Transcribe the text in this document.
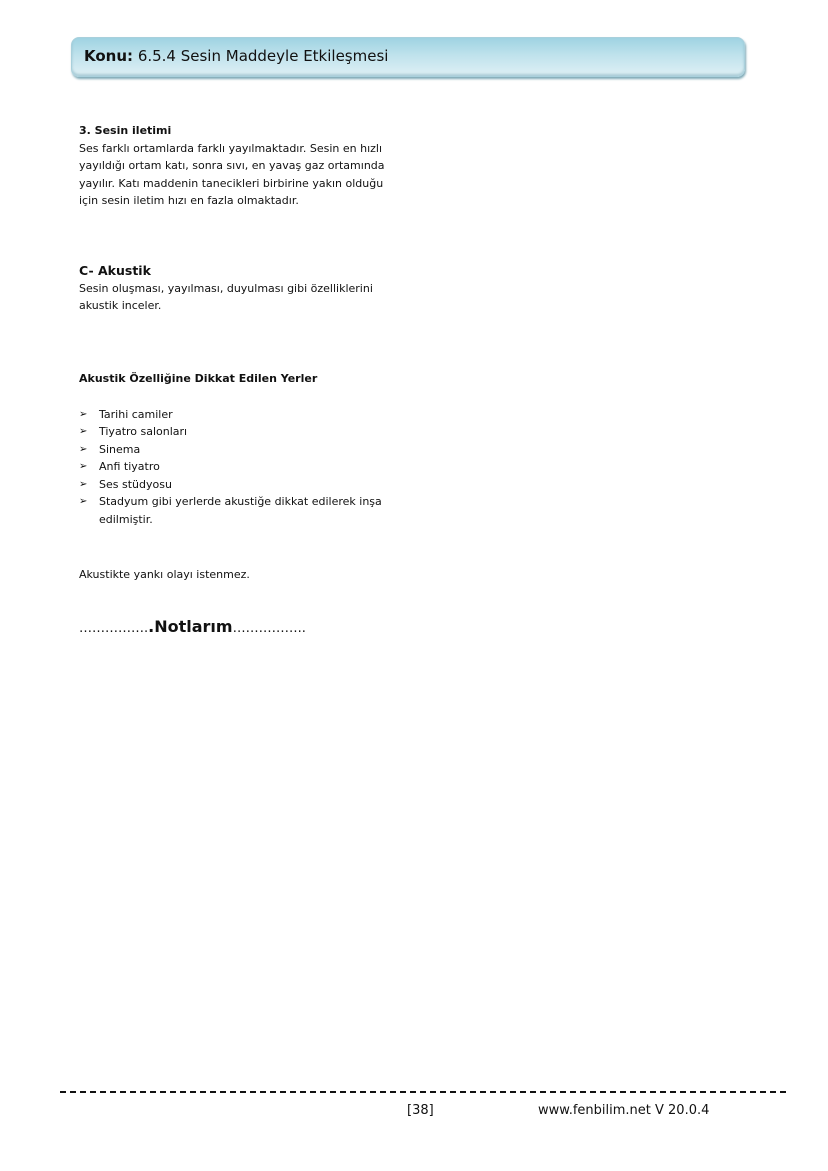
Konu: 6.5.4 Sesin Maddeyle Etkileşmesi
3. Sesin iletimi

Ses farklı ortamlarda farklı yayılmaktadır. Sesin en hızlı

yayıldığı ortam katı, sonra sıvı, en yavaş gaz ortamında

yayılır. Katı maddenin tanecikleri birbirine yakın olduğu

için sesin iletim hızı en fazla olmaktadır.

C- Akustik

Sesin oluşması, yayılması, duyulması gibi özelliklerini

akustik inceler.

Akustik Özelliğine Dikkat Edilen Yerler
➢ Tarihi camiler
➢ Tiyatro salonları
➢ Sinema
➢ Anfi tiyatro
➢ Ses stüdyosu
➢ Stadyum gibi yerlerde akustiğe dikkat edilerek inşa edilmiştir.

Akustikte yankı olayı istenmez.

……………..Notlarım……………..
[38]	www.fenbilim.net V 20.0.4
